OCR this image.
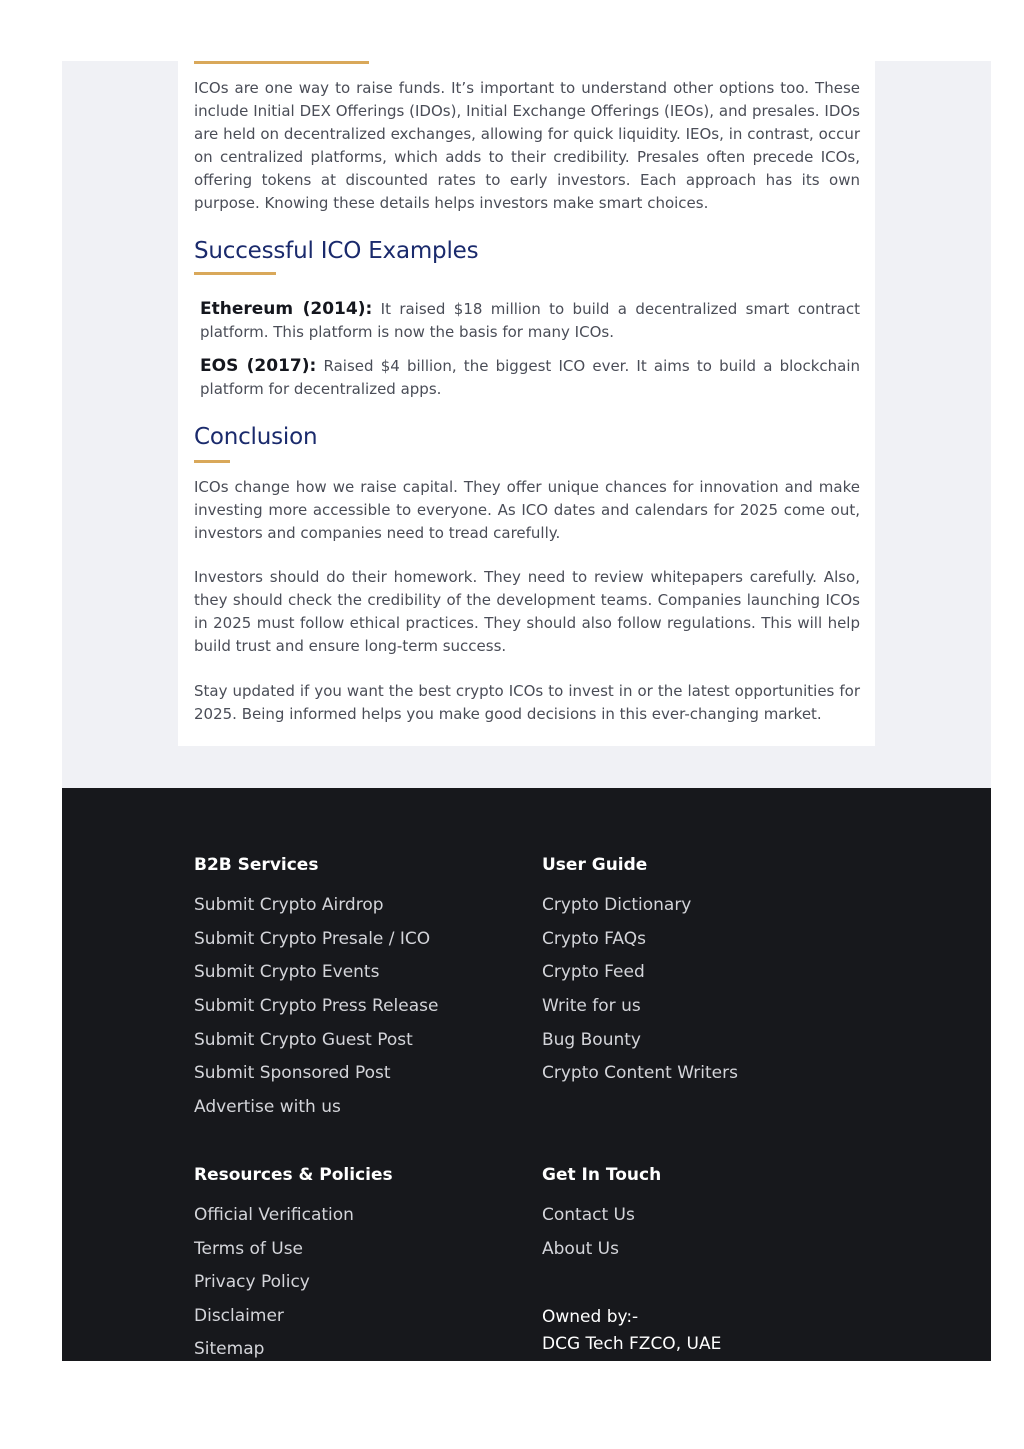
ICOs are one way to raise funds. It’s important to understand other options too. These include Initial DEX Offerings (IDOs), Initial Exchange Offerings (IEOs), and presales. IDOs are held on decentralized exchanges, allowing for quick liquidity. IEOs, in contrast, occur on centralized platforms, which adds to their credibility. Presales often precede ICOs, offering tokens at discounted rates to early investors. Each approach has its own purpose. Knowing these details helps investors make smart choices.

Successful ICO Examples
Ethereum (2014): It raised $18 million to build a decentralized smart contract platform. This platform is now the basis for many ICOs.
EOS (2017): Raised $4 billion, the biggest ICO ever. It aims to build a blockchain platform for decentralized apps.
Conclusion

ICOs change how we raise capital. They offer unique chances for innovation and make investing more accessible to everyone. As ICO dates and calendars for 2025 come out, investors and companies need to tread carefully.

Investors should do their homework. They need to review whitepapers carefully. Also, they should check the credibility of the development teams. Companies launching ICOs in 2025 must follow ethical practices. They should also follow regulations. This will help build trust and ensure long-term success.

Stay updated if you want the best crypto ICOs to invest in or the latest opportunities for 2025. Being informed helps you make good decisions in this ever-changing market.

B2B Services
Submit Crypto Airdrop
Submit Crypto Presale / ICO
Submit Crypto Events
Submit Crypto Press Release
Submit Crypto Guest Post
Submit Sponsored Post
Advertise with us
User Guide
Crypto Dictionary
Crypto FAQs
Crypto Feed
Write for us
Bug Bounty
Crypto Content Writers
Resources & Policies
Official Verification
Terms of Use
Privacy Policy
Disclaimer
Sitemap
Get In Touch
Contact Us
About Us
Owned by:-
DCG Tech FZCO, UAE
